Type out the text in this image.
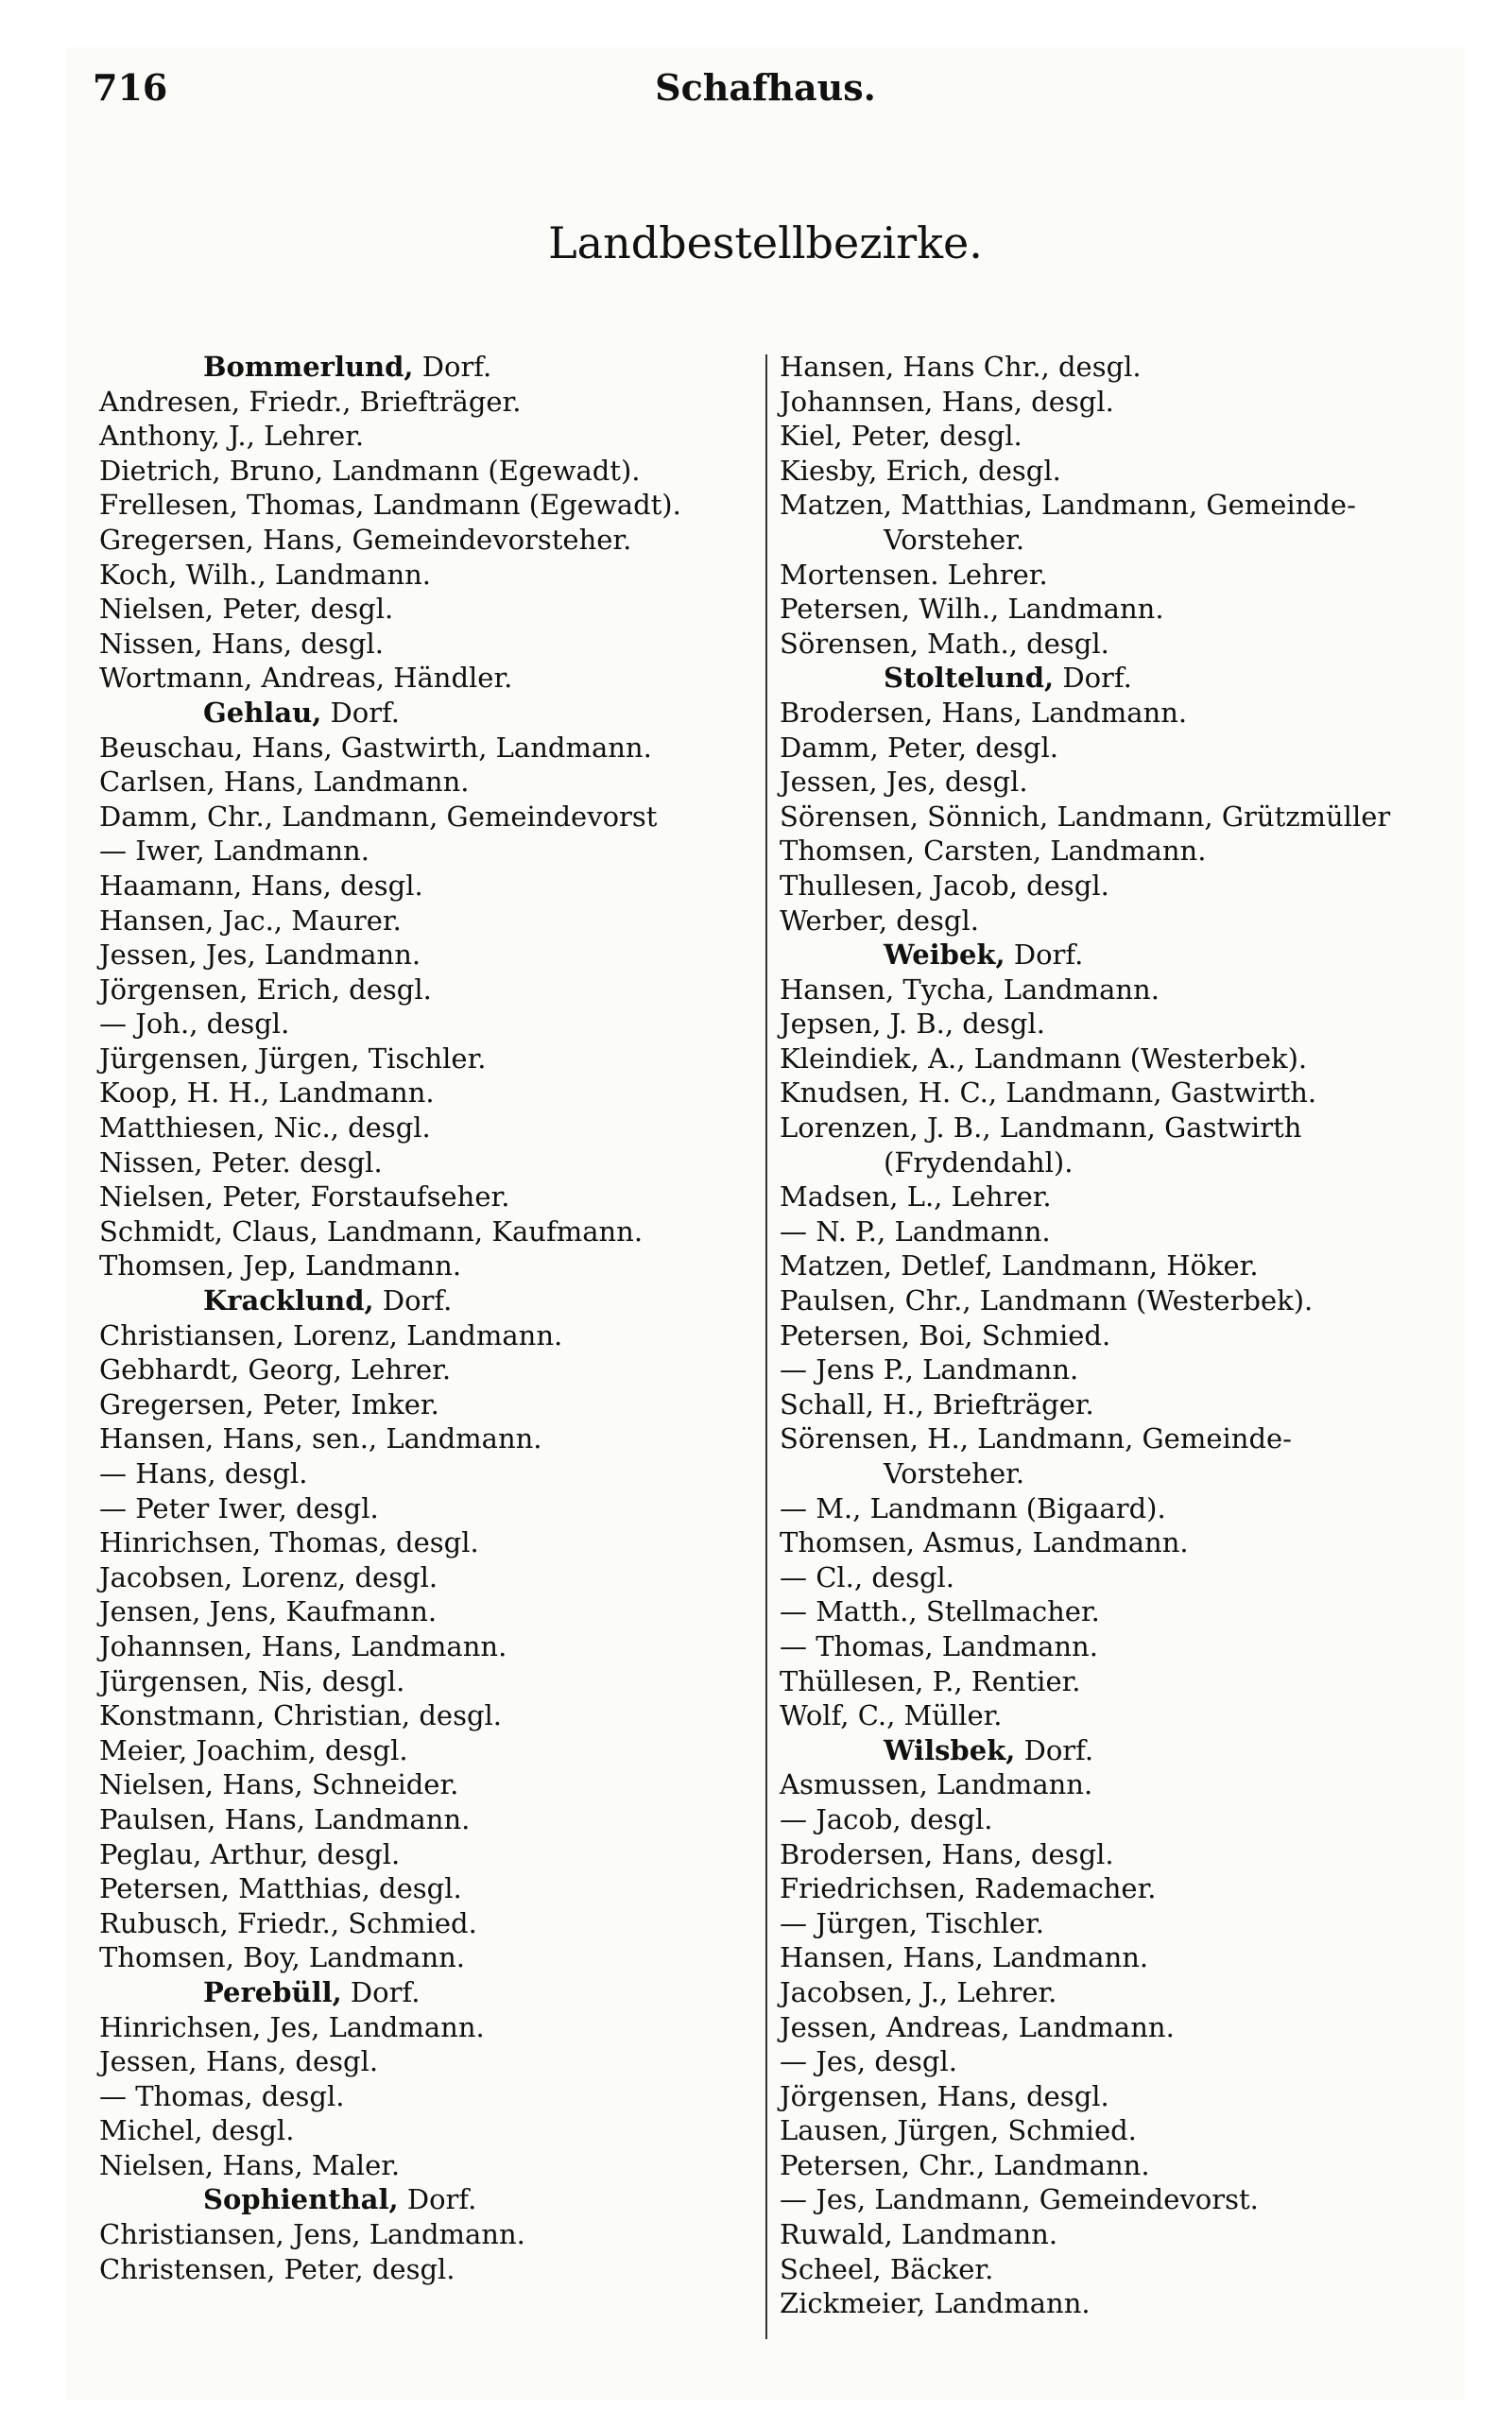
716	Schafhaus.
Landbestellbezirke.
Bommerlund, Dorf.
Andresen, Friedr., Briefträger.
Anthony, J., Lehrer.
Dietrich, Bruno, Landmann (Egewadt).
Frellesen, Thomas, Landmann (Egewadt).
Gregersen, Hans, Gemeindevorsteher.
Koch, Wilh., Landmann.
Nielsen, Peter, desgl.
Nissen, Hans, desgl.
Wortmann, Andreas, Händler.
Gehlau, Dorf.
Beuschau, Hans, Gastwirth, Landmann.
Carlsen, Hans, Landmann.
Damm, Chr., Landmann, Gemeindevorst
— Iwer, Landmann.
Haamann, Hans, desgl.
Hansen, Jac., Maurer.
Jessen, Jes, Landmann.
Jörgensen, Erich, desgl.
— Joh., desgl.
Jürgensen, Jürgen, Tischler.
Koop, H. H., Landmann.
Matthiesen, Nic., desgl.
Nissen, Peter. desgl.
Nielsen, Peter, Forstaufseher.
Schmidt, Claus, Landmann, Kaufmann.
Thomsen, Jep, Landmann.
Kracklund, Dorf.
Christiansen, Lorenz, Landmann.
Gebhardt, Georg, Lehrer.
Gregersen, Peter, Imker.
Hansen, Hans, sen., Landmann.
— Hans, desgl.
— Peter Iwer, desgl.
Hinrichsen, Thomas, desgl.
Jacobsen, Lorenz, desgl.
Jensen, Jens, Kaufmann.
Johannsen, Hans, Landmann.
Jürgensen, Nis, desgl.
Konstmann, Christian, desgl.
Meier, Joachim, desgl.
Nielsen, Hans, Schneider.
Paulsen, Hans, Landmann.
Peglau, Arthur, desgl.
Petersen, Matthias, desgl.
Rubusch, Friedr., Schmied.
Thomsen, Boy, Landmann.
Perebüll, Dorf.
Hinrichsen, Jes, Landmann.
Jessen, Hans, desgl.
— Thomas, desgl.
Michel, desgl.
Nielsen, Hans, Maler.
Sophienthal, Dorf.
Christiansen, Jens, Landmann.
Christensen, Peter, desgl.
Hansen, Hans Chr., desgl.
Johannsen, Hans, desgl.
Kiel, Peter, desgl.
Kiesby, Erich, desgl.
Matzen, Matthias, Landmann, Gemeinde-
Vorsteher.
Mortensen. Lehrer.
Petersen, Wilh., Landmann.
Sörensen, Math., desgl.
Stoltelund, Dorf.
Brodersen, Hans, Landmann.
Damm, Peter, desgl.
Jessen, Jes, desgl.
Sörensen, Sönnich, Landmann, Grützmüller
Thomsen, Carsten, Landmann.
Thullesen, Jacob, desgl.
Werber, desgl.
Weibek, Dorf.
Hansen, Tycha, Landmann.
Jepsen, J. B., desgl.
Kleindiek, A., Landmann (Westerbek).
Knudsen, H. C., Landmann, Gastwirth.
Lorenzen, J. B., Landmann, Gastwirth
(Frydendahl).
Madsen, L., Lehrer.
— N. P., Landmann.
Matzen, Detlef, Landmann, Höker.
Paulsen, Chr., Landmann (Westerbek).
Petersen, Boi, Schmied.
— Jens P., Landmann.
Schall, H., Briefträger.
Sörensen, H., Landmann, Gemeinde-
Vorsteher.
— M., Landmann (Bigaard).
Thomsen, Asmus, Landmann.
— Cl., desgl.
— Matth., Stellmacher.
— Thomas, Landmann.
Thüllesen, P., Rentier.
Wolf, C., Müller.
Wilsbek, Dorf.
Asmussen, Landmann.
— Jacob, desgl.
Brodersen, Hans, desgl.
Friedrichsen, Rademacher.
— Jürgen, Tischler.
Hansen, Hans, Landmann.
Jacobsen, J., Lehrer.
Jessen, Andreas, Landmann.
— Jes, desgl.
Jörgensen, Hans, desgl.
Lausen, Jürgen, Schmied.
Petersen, Chr., Landmann.
— Jes, Landmann, Gemeindevorst.
Ruwald, Landmann.
Scheel, Bäcker.
Zickmeier, Landmann.
